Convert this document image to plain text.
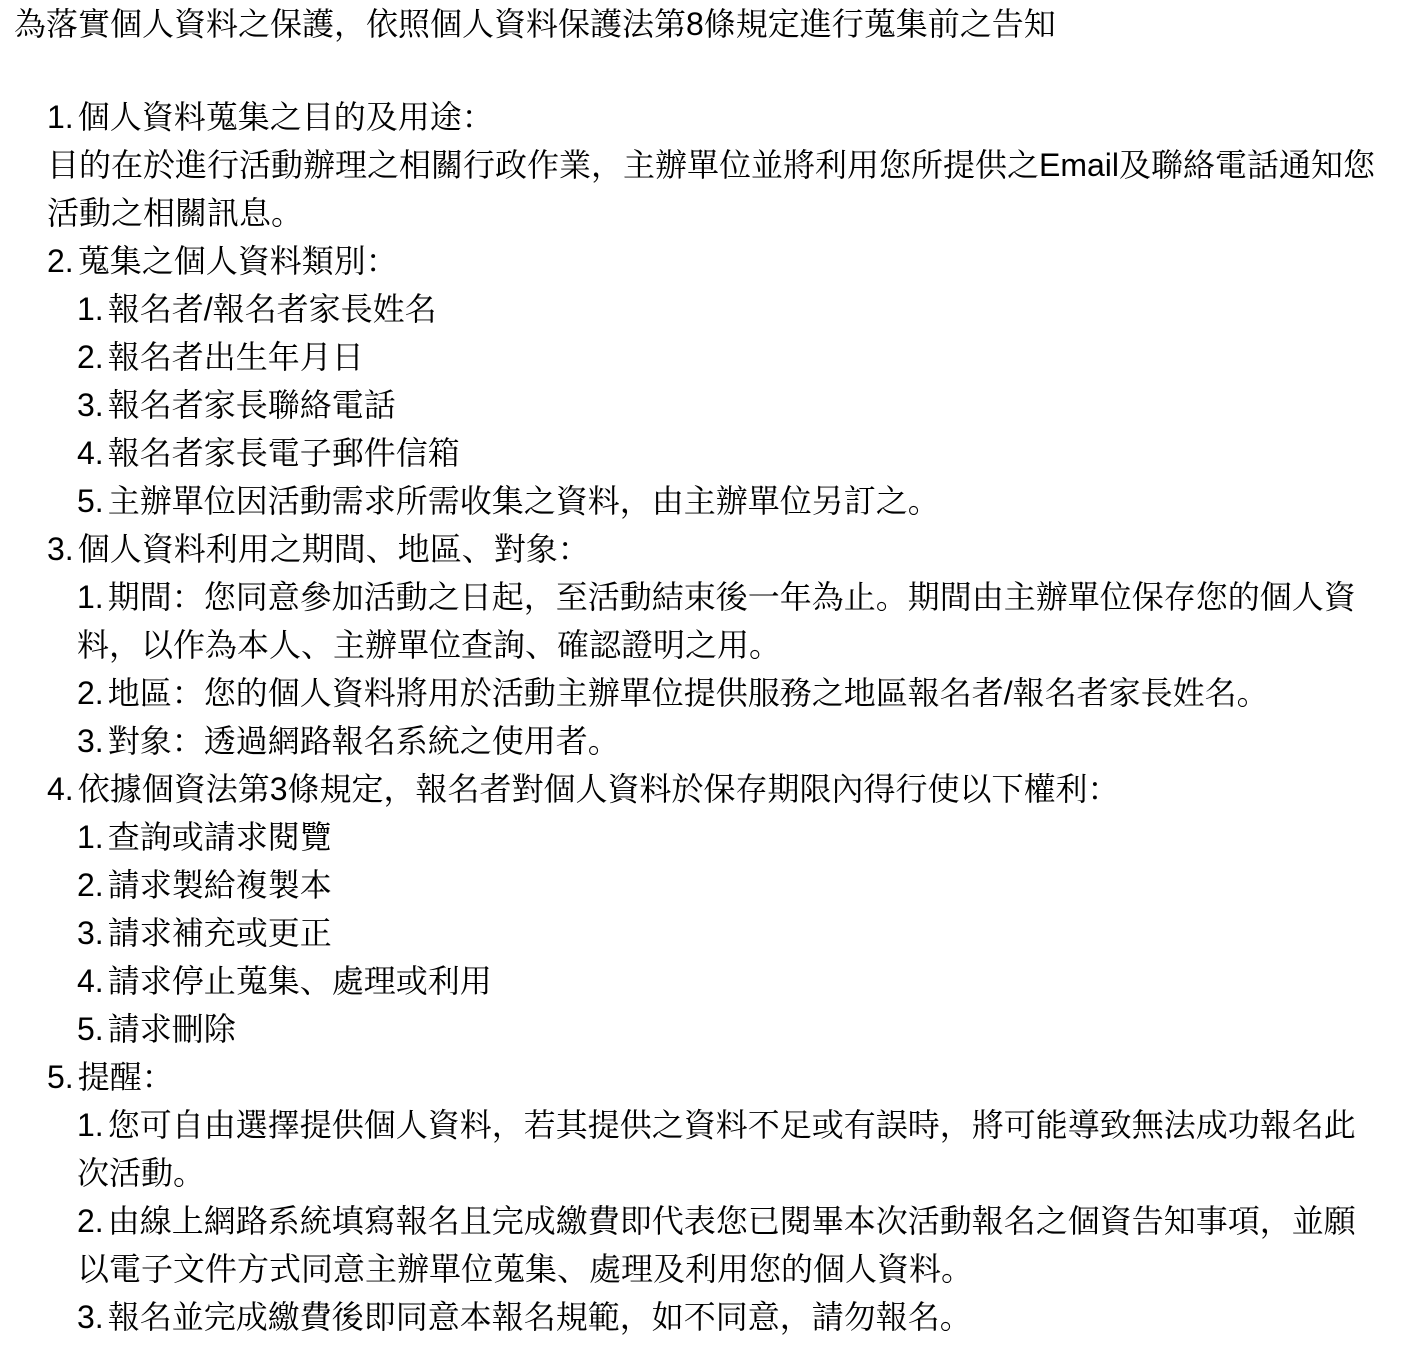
為落實個人資料之保護，依照個人資料保護法第8條規定進行蒐集前之告知

1. 個人資料蒐集之目的及用途：
目的在於進行活動辦理之相關行政作業，主辦單位並將利用您所提供之Email及聯絡電話通知您活動之相關訊息。
2. 蒐集之個人資料類別：
1. 報名者/報名者家長姓名
2. 報名者出生年月日
3. 報名者家長聯絡電話
4. 報名者家長電子郵件信箱
5. 主辦單位因活動需求所需收集之資料，由主辦單位另訂之。
3. 個人資料利用之期間、地區、對象：
1. 期間：您同意參加活動之日起，至活動結束後一年為止。期間由主辦單位保存您的個人資料，以作為本人、主辦單位查詢、確認證明之用。
2. 地區：您的個人資料將用於活動主辦單位提供服務之地區報名者/報名者家長姓名。
3. 對象：透過網路報名系統之使用者。
4. 依據個資法第3條規定，報名者對個人資料於保存期限內得行使以下權利：
1. 查詢或請求閱覽
2. 請求製給複製本
3. 請求補充或更正
4. 請求停止蒐集、處理或利用
5. 請求刪除
5. 提醒：
1. 您可自由選擇提供個人資料，若其提供之資料不足或有誤時，將可能導致無法成功報名此次活動。
2. 由線上網路系統填寫報名且完成繳費即代表您已閱畢本次活動報名之個資告知事項，並願以電子文件方式同意主辦單位蒐集、處理及利用您的個人資料。
3. 報名並完成繳費後即同意本報名規範，如不同意，請勿報名。
